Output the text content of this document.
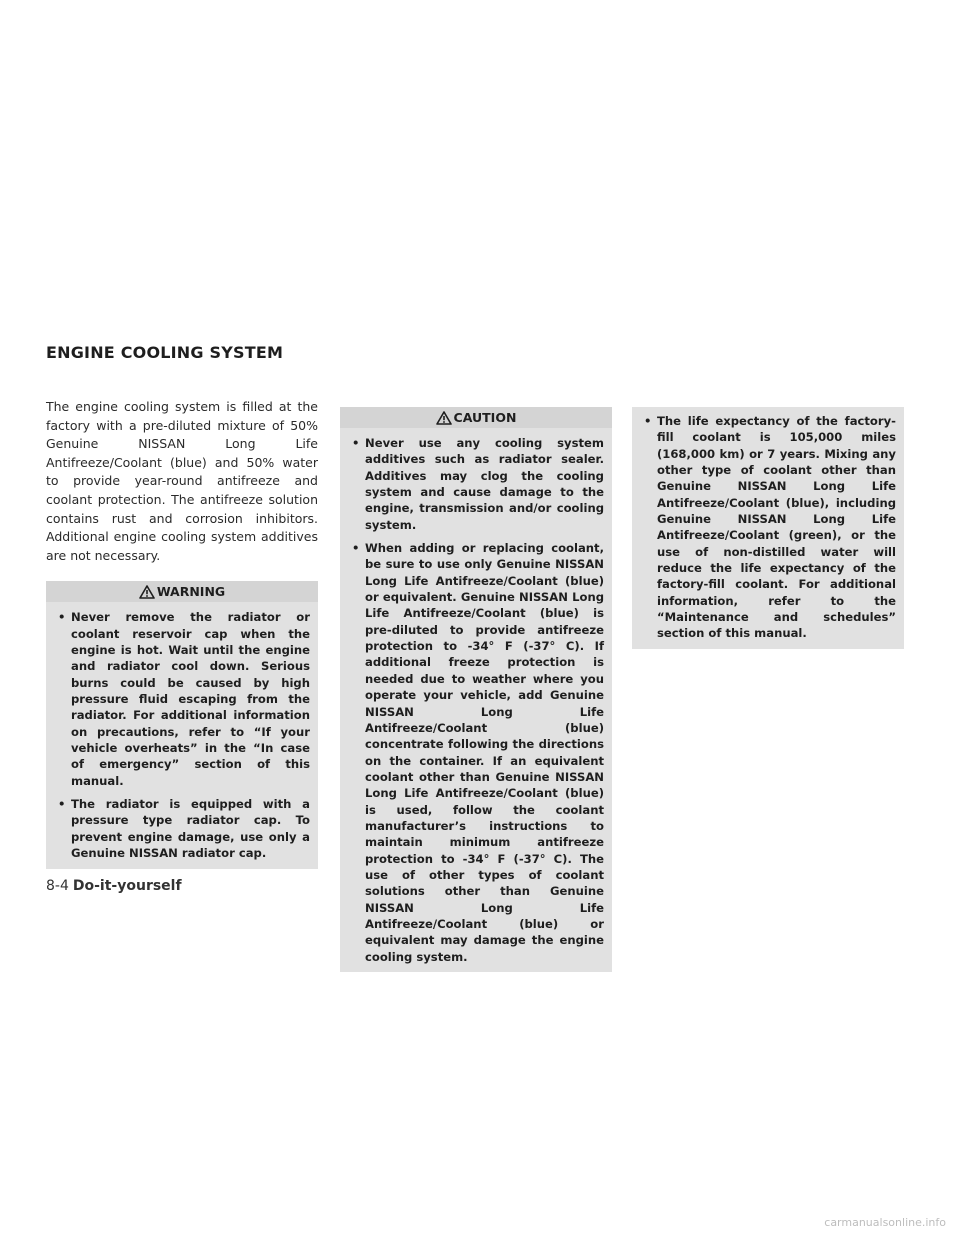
ENGINE COOLING SYSTEM

The engine cooling system is filled at the factory with a pre-diluted mixture of 50% Genuine NISSAN Long Life Antifreeze/Coolant (blue) and 50% water to provide year-round antifreeze and coolant protection. The antifreeze solution contains rust and corrosion inhibitors. Additional engine cooling system additives are not necessary.

WARNING

• Never remove the radiator or coolant reservoir cap when the engine is hot. Wait until the engine and radiator cool down. Serious burns could be caused by high pressure fluid escaping from the radiator. For additional information on precautions, refer to “If your vehicle overheats” in the “In case of emergency” section of this manual.

• The radiator is equipped with a pressure type radiator cap. To prevent engine damage, use only a Genuine NISSAN radiator cap.

CAUTION

• Never use any cooling system additives such as radiator sealer. Additives may clog the cooling system and cause damage to the engine, transmission and/or cooling system.

• When adding or replacing coolant, be sure to use only Genuine NISSAN Long Life Antifreeze/Coolant (blue) or equivalent. Genuine NISSAN Long Life Antifreeze/Coolant (blue) is pre-diluted to provide antifreeze protection to -34° F (-37° C). If additional freeze protection is needed due to weather where you operate your vehicle, add Genuine NISSAN Long Life Antifreeze/Coolant (blue) concentrate following the directions on the container. If an equivalent coolant other than Genuine NISSAN Long Life Antifreeze/Coolant (blue) is used, follow the coolant manufacturer’s instructions to maintain minimum antifreeze protection to -34° F (-37° C). The use of other types of coolant solutions other than Genuine NISSAN Long Life Antifreeze/Coolant (blue) or equivalent may damage the engine cooling system.

• The life expectancy of the factory-fill coolant is 105,000 miles (168,000 km) or 7 years. Mixing any other type of coolant other than Genuine NISSAN Long Life Antifreeze/Coolant (blue), including Genuine NISSAN Long Life Antifreeze/Coolant (green), or the use of non-distilled water will reduce the life expectancy of the factory-fill coolant. For additional information, refer to the “Maintenance and schedules” section of this manual.

8-4 Do-it-yourself
carmanualsonline.info
